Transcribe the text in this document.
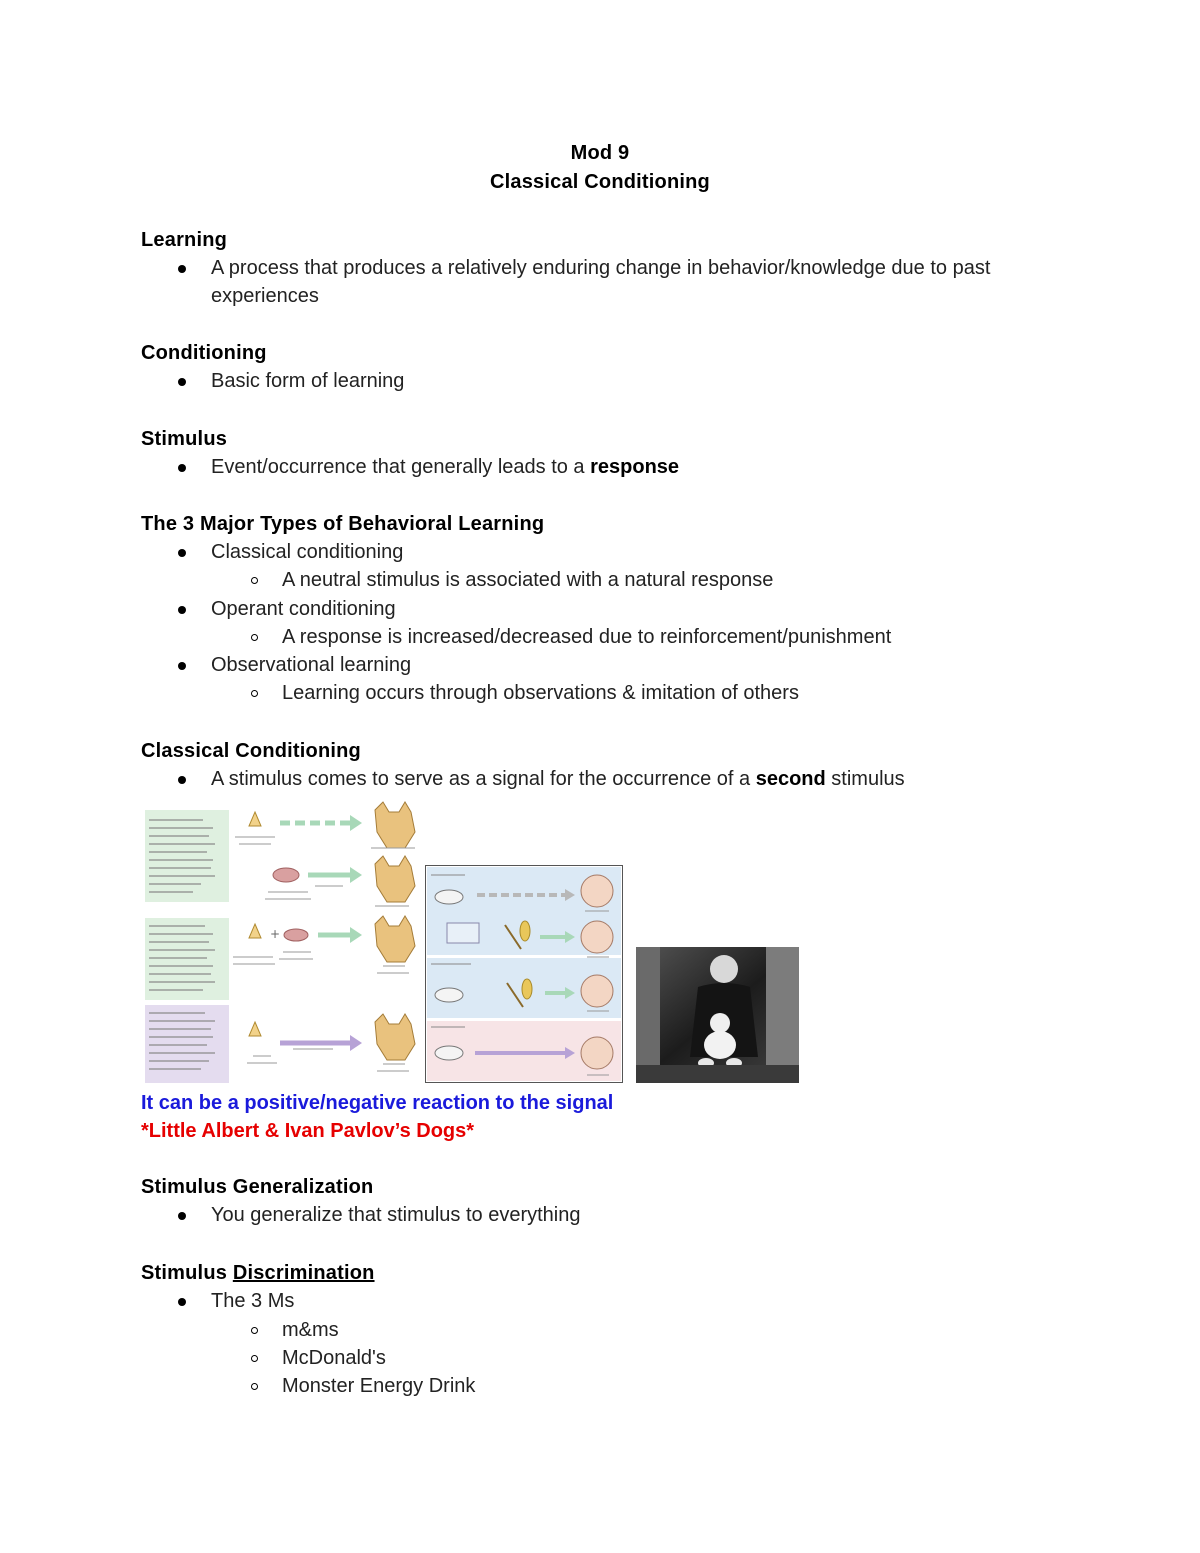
Mod 9
Classical Conditioning
Learning
A process that produces a relatively enduring change in behavior/knowledge due to past
experiences
Conditioning
Basic form of learning
Stimulus
Event/occurrence that generally leads to a response
The 3 Major Types of Behavioral Learning
Classical conditioning
A neutral stimulus is associated with a natural response
Operant conditioning
A response is increased/decreased due to reinforcement/punishment
Observational learning
Learning occurs through observations & imitation of others
Classical Conditioning
A stimulus comes to serve as a signal for the occurrence of a second stimulus
+
It can be a positive/negative reaction to the signal
*Little Albert & Ivan Pavlov’s Dogs*
Stimulus Generalization
You generalize that stimulus to everything
Stimulus Discrimination
The 3 Ms
m&ms
McDonald's
Monster Energy Drink
